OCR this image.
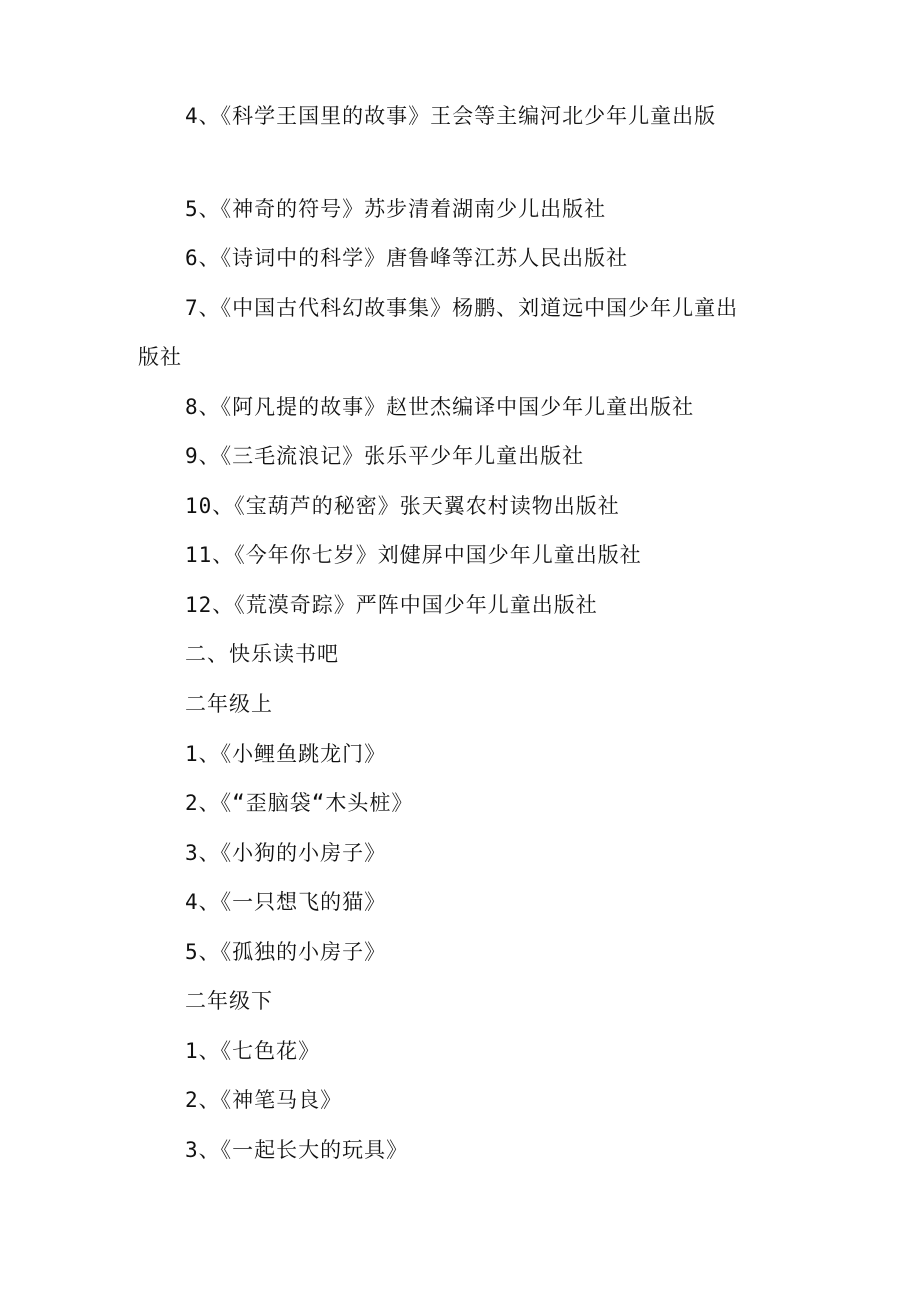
4、《科学王国里的故事》王会等主编河北少年儿童出版
5、《神奇的符号》苏步清着湖南少儿出版社
6、《诗词中的科学》唐鲁峰等江苏人民出版社
7、《中国古代科幻故事集》杨鹏、刘道远中国少年儿童出
版社
8、《阿凡提的故事》赵世杰编译中国少年儿童出版社
9、《三毛流浪记》张乐平少年儿童出版社
10、《宝葫芦的秘密》张天翼农村读物出版社
11、《今年你七岁》刘健屏中国少年儿童出版社
12、《荒漠奇踪》严阵中国少年儿童出版社
二、快乐读书吧
二年级上
1、《小鲤鱼跳龙门》
2、《“歪脑袋“木头桩》
3、《小狗的小房子》
4、《一只想飞的猫》
5、《孤独的小房子》
二年级下
1、《七色花》
2、《神笔马良》
3、《一起长大的玩具》
